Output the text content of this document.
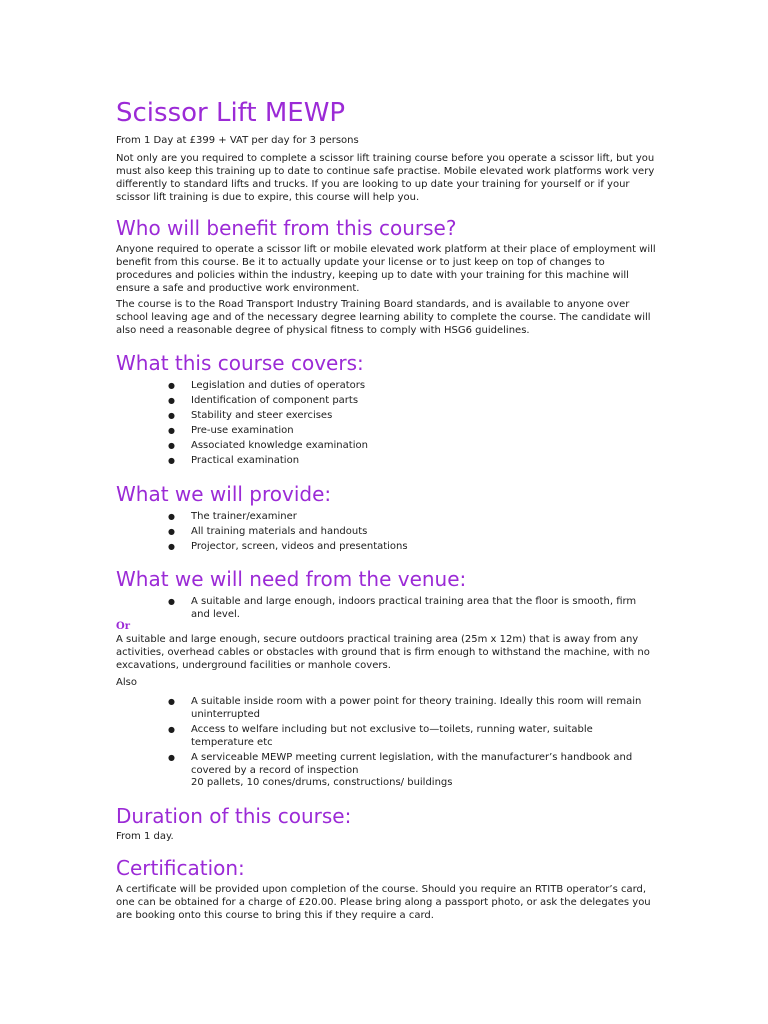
Scissor Lift MEWP

From 1 Day at £399 + VAT per day for 3 persons

Not only are you required to complete a scissor lift training course before you operate a scissor lift, but you must also keep this training up to date to continue safe practise. Mobile elevated work platforms work very differently to standard lifts and trucks. If you are looking to up date your training for yourself or if your scissor lift training is due to expire, this course will help you.

Who will benefit from this course?

Anyone required to operate a scissor lift or mobile elevated work platform at their place of employment will benefit from this course. Be it to actually update your license or to just keep on top of changes to procedures and policies within the industry, keeping up to date with your training for this machine will ensure a safe and productive work environment.

The course is to the Road Transport Industry Training Board standards, and is available to anyone over school leaving age and of the necessary degree learning ability to complete the course. The candidate will also need a reasonable degree of physical fitness to comply with HSG6 guidelines.

What this course covers:
● Legislation and duties of operators
● Identification of component parts
● Stability and steer exercises
● Pre-use examination
● Associated knowledge examination
● Practical examination
What we will provide:
● The trainer/examiner
● All training materials and handouts
● Projector, screen, videos and presentations
What we will need from the venue:
● A suitable and large enough, indoors practical training area that the floor is smooth, firm and level.
Or

A suitable and large enough, secure outdoors practical training area (25m x 12m) that is away from any activities, overhead cables or obstacles with ground that is firm enough to withstand the machine, with no excavations, underground facilities or manhole covers.

Also

● A suitable inside room with a power point for theory training. Ideally this room will remain uninterrupted
● Access to welfare including but not exclusive to—toilets, running water, suitable temperature etc
● A serviceable MEWP meeting current legislation, with the manufacturer’s handbook and covered by a record of inspection

20 pallets, 10 cones/drums, constructions/ buildings

Duration of this course:

From 1 day.

Certification:

A certificate will be provided upon completion of the course. Should you require an RTITB operator’s card, one can be obtained for a charge of £20.00. Please bring along a passport photo, or ask the delegates you are booking onto this course to bring this if they require a card.
